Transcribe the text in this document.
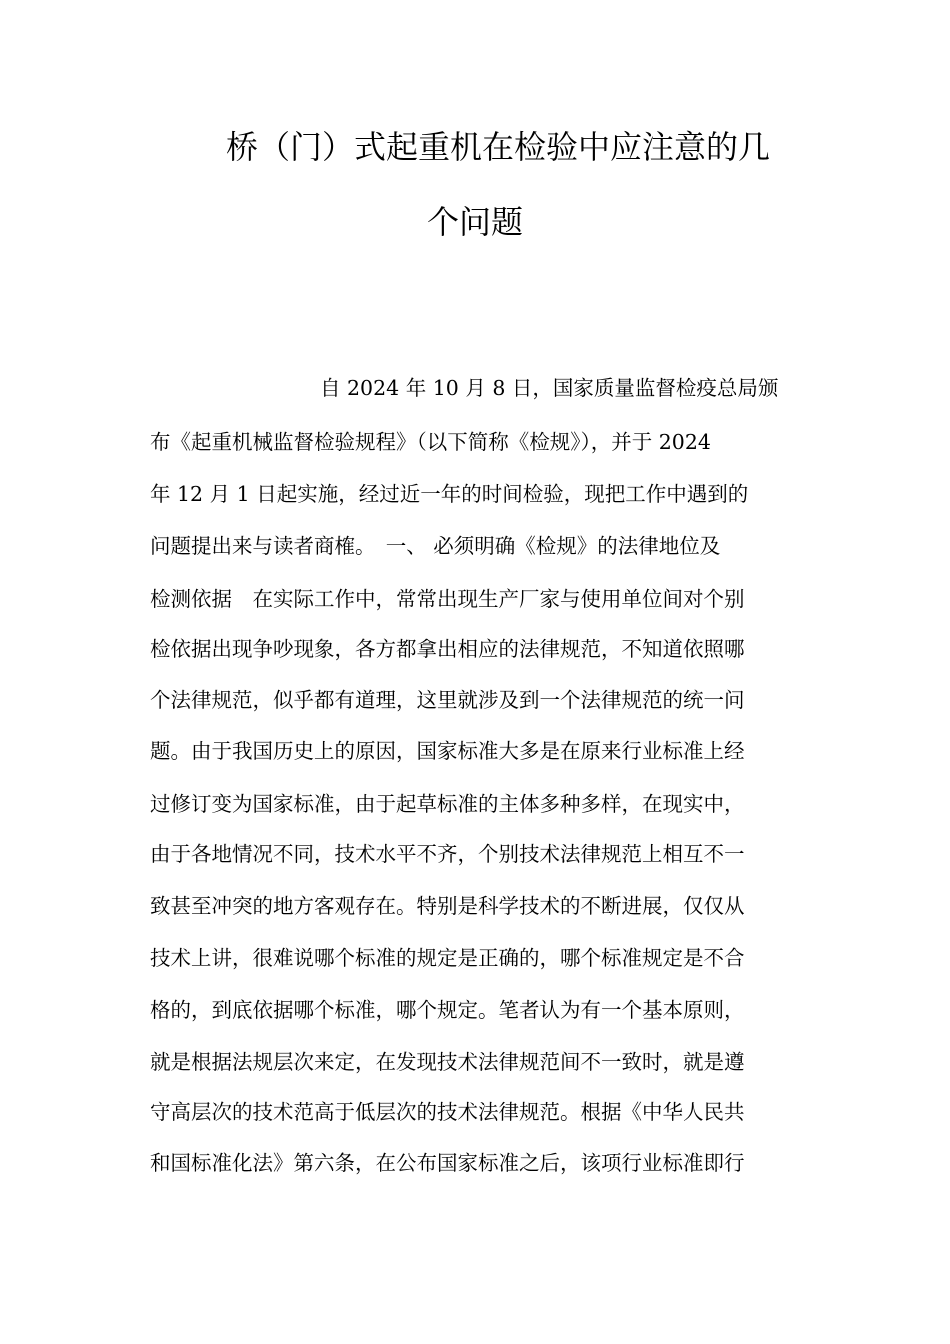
桥（门）式起重机在检验中应注意的几
个问题
自 2024 年 10 月 8 日，国家质量监督检疫总局颁
布《起重机械监督检验规程》（以下简称《检规》），并于 2024
年 12 月 1 日起实施，经过近一年的时间检验，现把工作中遇到的
问题提出来与读者商榷。　一、 必须明确《检规》的法律地位及
检测依据　在实际工作中，常常出现生产厂家与使用单位间对个别
检依据出现争吵现象，各方都拿出相应的法律规范，不知道依照哪
个法律规范，似乎都有道理，这里就涉及到一个法律规范的统一问
题。由于我国历史上的原因，国家标准大多是在原来行业标准上经
过修订变为国家标准，由于起草标准的主体多种多样，在现实中，
由于各地情况不同，技术水平不齐，个别技术法律规范上相互不一
致甚至冲突的地方客观存在。特别是科学技术的不断进展，仅仅从
技术上讲，很难说哪个标准的规定是正确的，哪个标准规定是不合
格的，到底依据哪个标准，哪个规定。笔者认为有一个基本原则，
就是根据法规层次来定，在发现技术法律规范间不一致时，就是遵
守高层次的技术范高于低层次的技术法律规范。根据《中华人民共
和国标准化法》第六条，在公布国家标准之后，该项行业标准即行
